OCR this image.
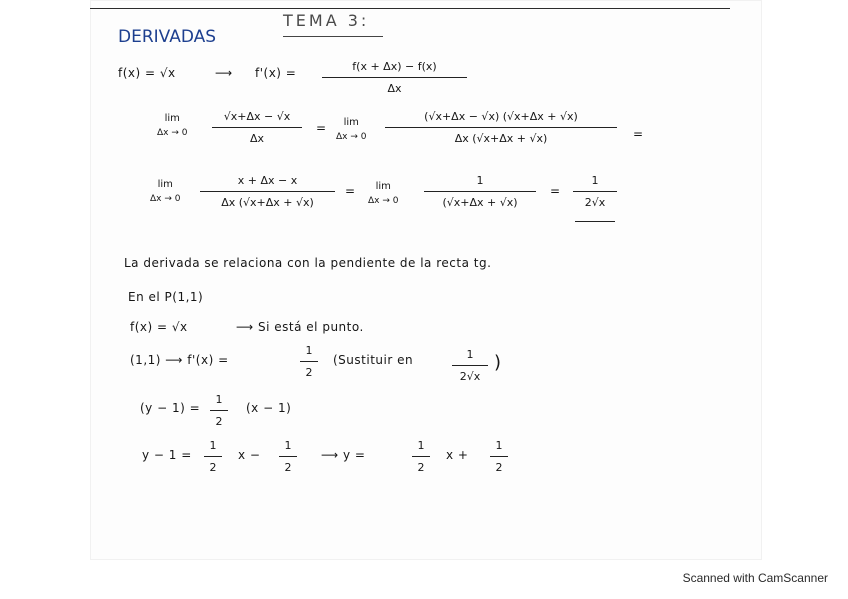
DERIVADAS
TEMA 3:
f(x) = √x	⟶ f'(x) =	f(x + Δx) − f(x)
Δx
lim
Δx → 0
√x+Δx − √x
Δx
= lim
Δx → 0
(√x+Δx − √x) (√x+Δx + √x)
Δx (√x+Δx + √x)	=
lim
Δx → 0
x + Δx − x
Δx (√x+Δx + √x)
= lim
Δx → 0
1
(√x+Δx + √x)
=
1
2√x
La derivada se relaciona con la pendiente de la recta tg.
En el P(1,1)
f(x) = √x	⟶ Si está el punto.
(1,1) ⟶ f'(x) =
1
2
(Sustituir en	1
2√x
)
(y − 1) =
1
2
(x − 1)
y − 1 =
1
2
x −
1
2
⟶ y =
1
2
x +
1
2
Scanned with CamScanner
